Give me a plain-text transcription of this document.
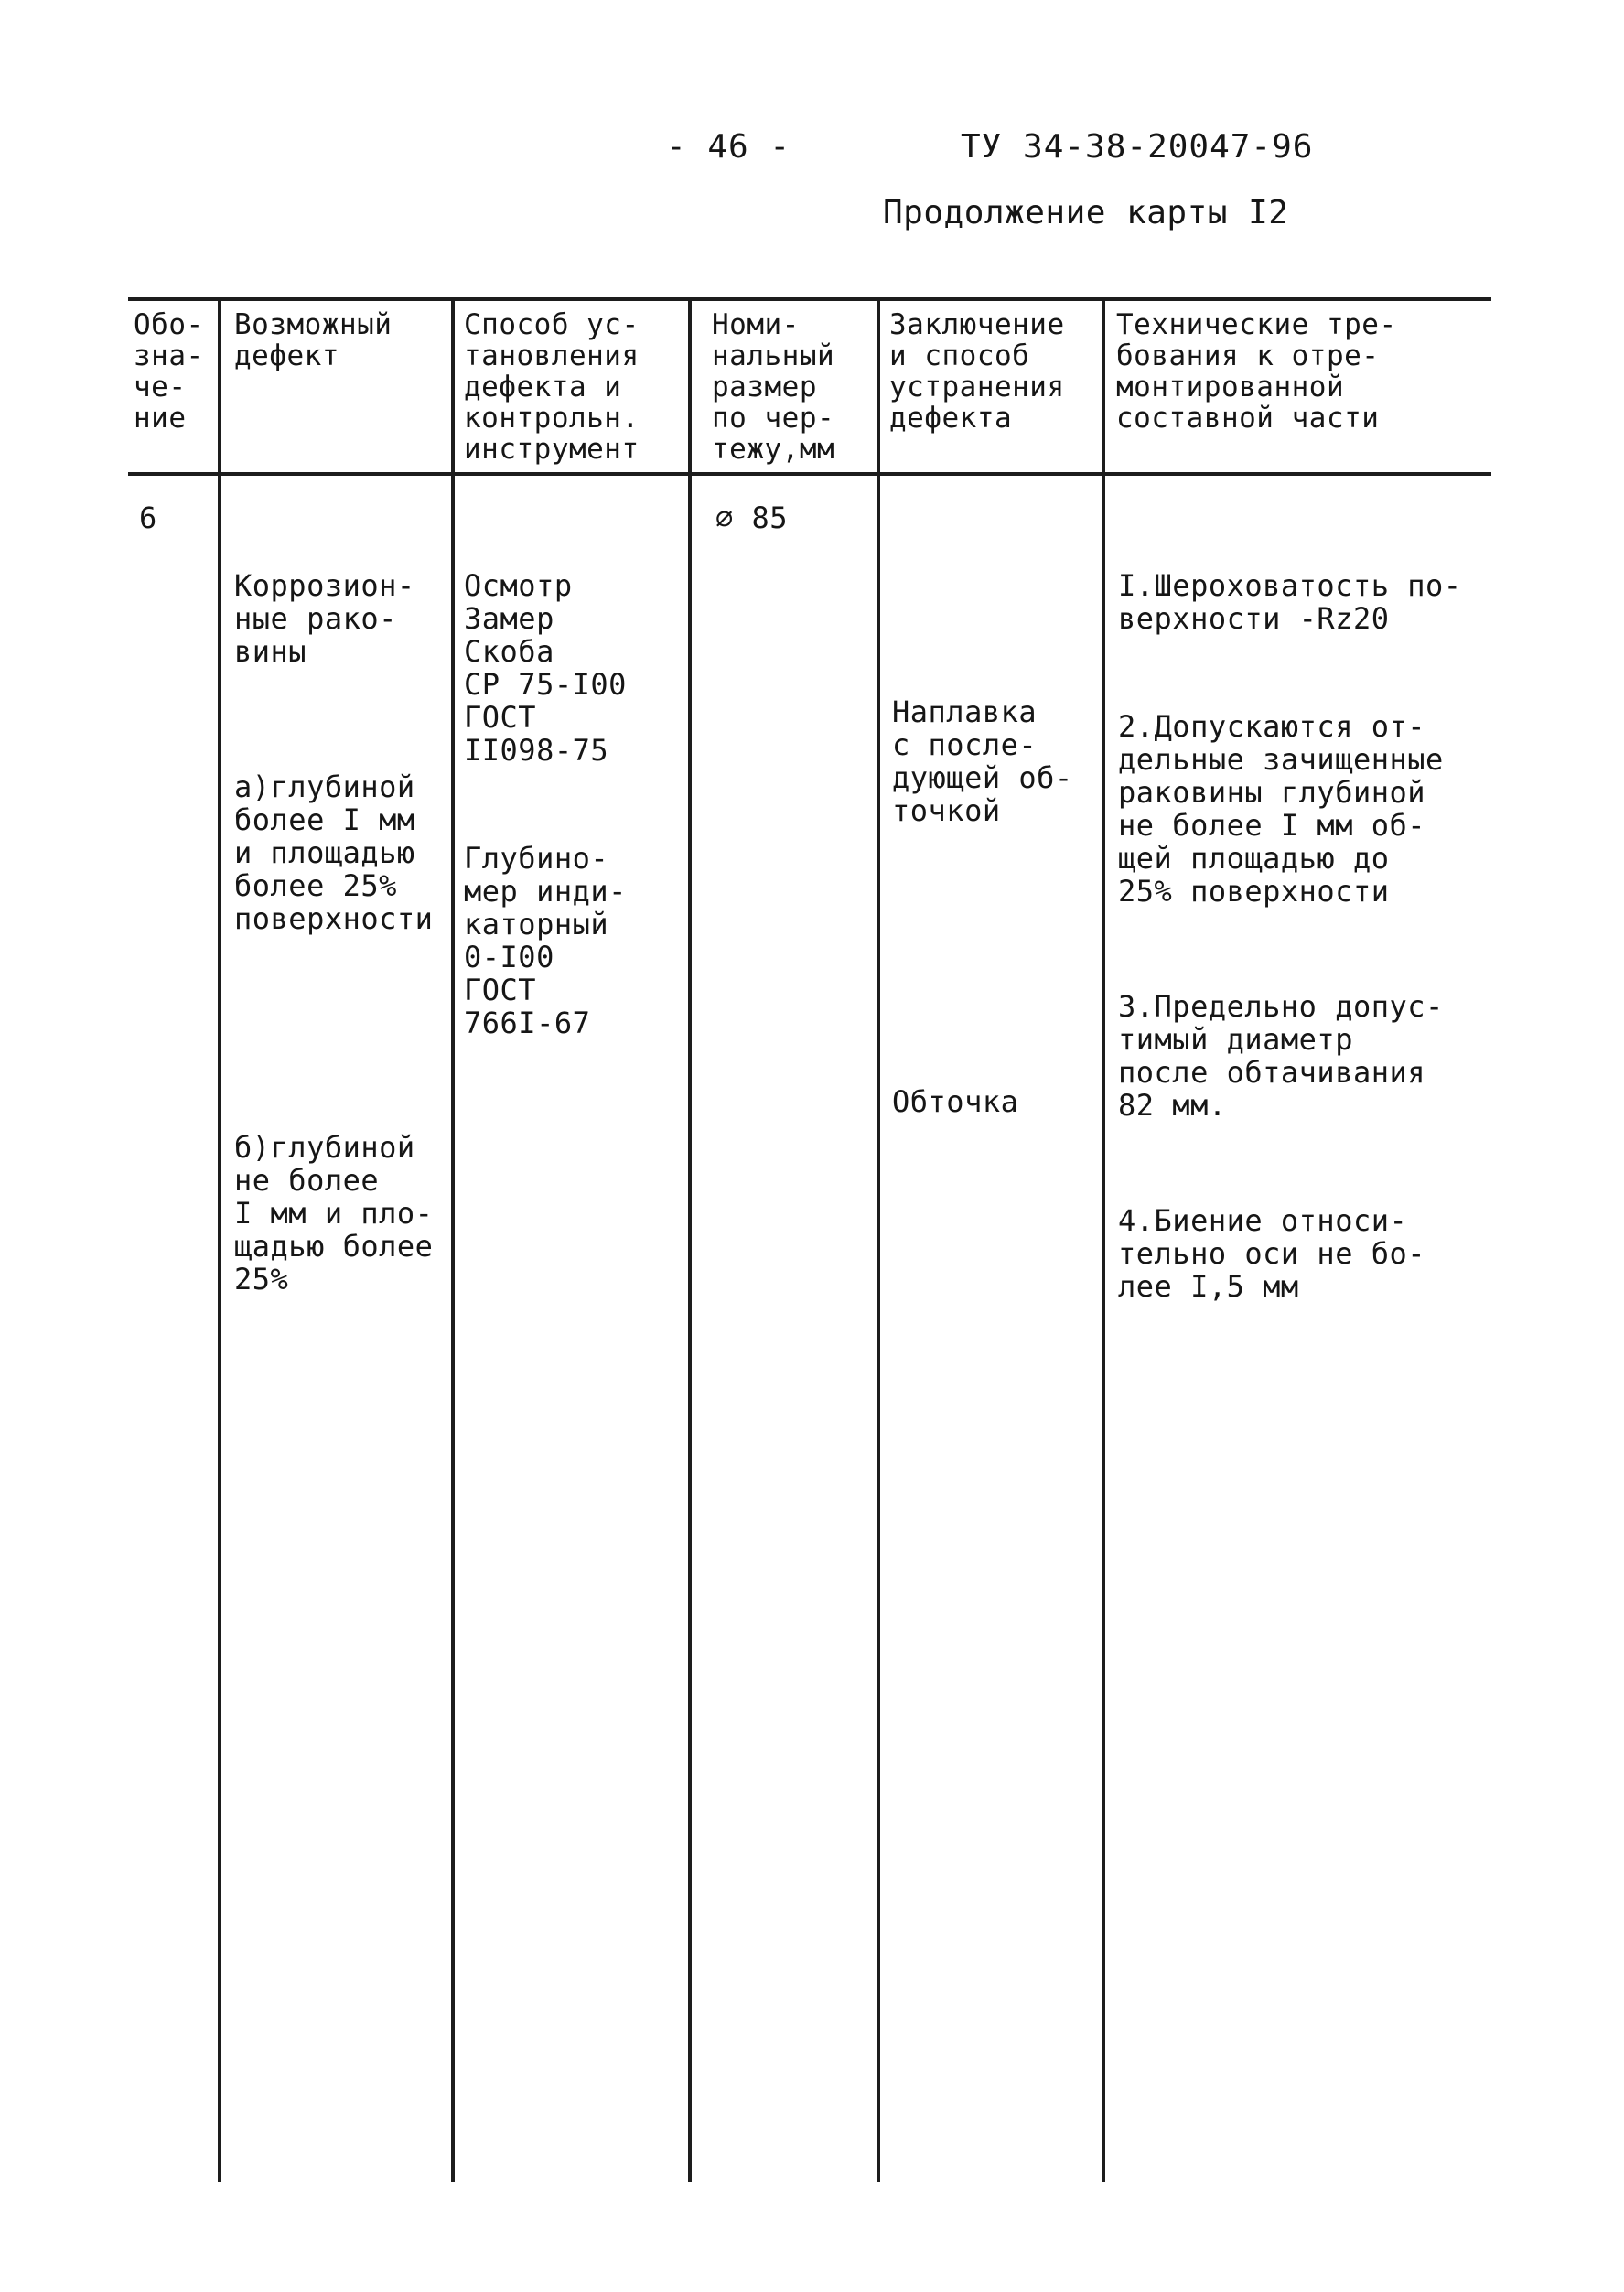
- 46 -	ТУ 34-38-20047-96
Продолжение карты I2
Обо-
зна-
че-
ние
Возможный
дефект
Способ ус-
тановления
дефекта и
контрольн.
инструмент
Номи-
нальный
размер
по чер-
тежу,мм
Заключение
и способ
устранения
дефекта
Технические тре-
бования к отре-
монтированной
составной части
6

Коррозион-
ные рако-
вины

а)глубиной
более I мм
и площадью
более 25%
поверхности

б)глубиной
не более
I мм и пло-
щадью более
25%

Осмотр
Замер
Скоба
СР 75-I00
ГОСТ
II098-75

Глубино-
мер инди-
каторный
0-I00
ГОСТ
766I-67

⌀ 85

Наплавка
с после-
дующей об-
точкой

Обточка

I.Шероховатость по-
верхности -Rz20

2.Допускаются от-
дельные зачищенные
раковины глубиной
не более I мм об-
щей площадью до
25% поверхности

3.Предельно допус-
тимый диаметр
после обтачивания
82 мм.

4.Биение относи-
тельно оси не бо-
лее I,5 мм
